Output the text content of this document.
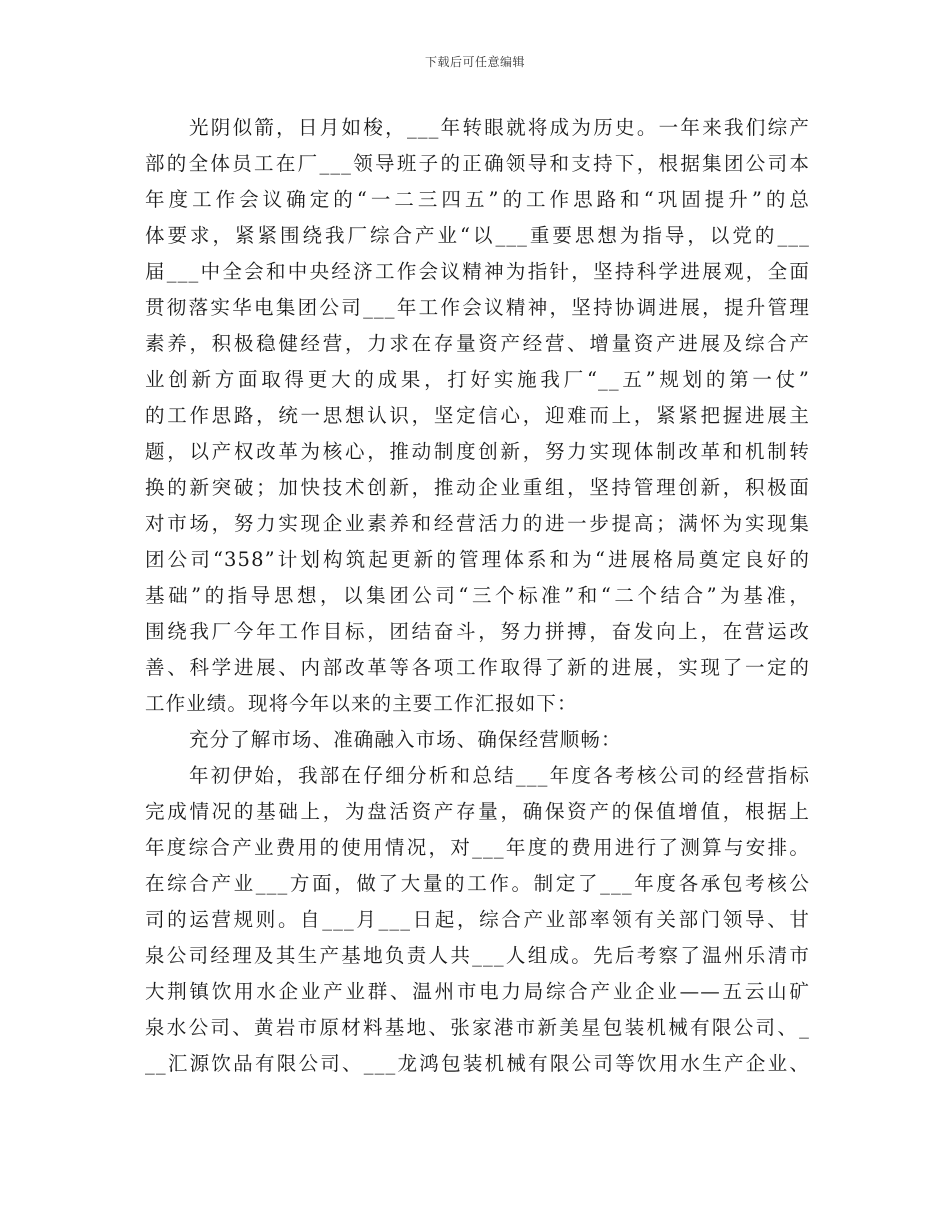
下载后可任意编辑
光阴似箭，日月如梭，___年转眼就将成为历史。一年来我们综产
部的全体员工在厂___领导班子的正确领导和支持下，根据集团公司本
年度工作会议确定的“一二三四五”的工作思路和“巩固提升”的总
体要求，紧紧围绕我厂综合产业“以___重要思想为指导，以党的___
届___中全会和中央经济工作会议精神为指针，坚持科学进展观，全面
贯彻落实华电集团公司___年工作会议精神，坚持协调进展，提升管理
素养，积极稳健经营，力求在存量资产经营、增量资产进展及综合产
业创新方面取得更大的成果，打好实施我厂“__五”规划的第一仗”
的工作思路，统一思想认识，坚定信心，迎难而上，紧紧把握进展主
题，以产权改革为核心，推动制度创新，努力实现体制改革和机制转
换的新突破；加快技术创新，推动企业重组，坚持管理创新，积极面
对市场，努力实现企业素养和经营活力的进一步提高；满怀为实现集
团公司“358”计划构筑起更新的管理体系和为“进展格局奠定良好的
基础”的指导思想，以集团公司“三个标准”和“二个结合”为基准，
围绕我厂今年工作目标，团结奋斗，努力拼搏，奋发向上，在营运改
善、科学进展、内部改革等各项工作取得了新的进展，实现了一定的
工作业绩。现将今年以来的主要工作汇报如下：
充分了解市场、准确融入市场、确保经营顺畅：
年初伊始，我部在仔细分析和总结___年度各考核公司的经营指标
完成情况的基础上，为盘活资产存量，确保资产的保值增值，根据上
年度综合产业费用的使用情况，对___年度的费用进行了测算与安排。
在综合产业___方面，做了大量的工作。制定了___年度各承包考核公
司的运营规则。自___月___日起，综合产业部率领有关部门领导、甘
泉公司经理及其生产基地负责人共___人组成。先后考察了温州乐清市
大荆镇饮用水企业产业群、温州市电力局综合产业企业——五云山矿
泉水公司、黄岩市原材料基地、张家港市新美星包装机械有限公司、_
__汇源饮品有限公司、___龙鸿包装机械有限公司等饮用水生产企业、
